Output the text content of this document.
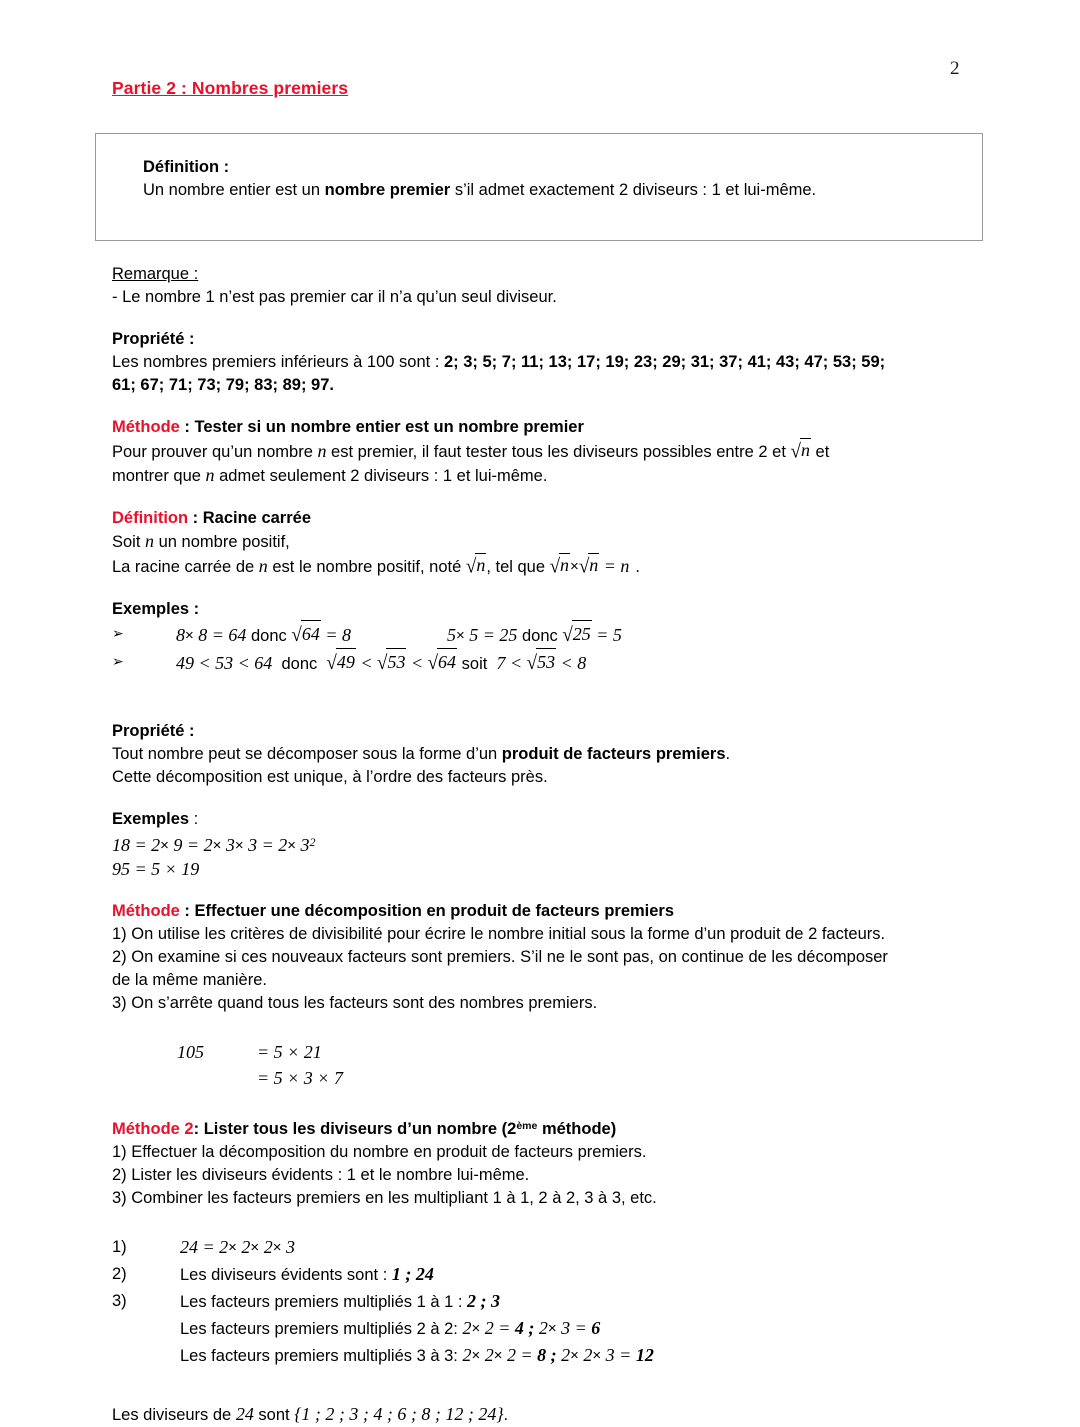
2
Partie 2 : Nombres premiers
Définition :
Un nombre entier est un nombre premier s’il admet exactement 2 diviseurs : 1 et lui-même.
Remarque :
- Le nombre 1 n’est pas premier car il n’a qu’un seul diviseur.
Propriété :
Les nombres premiers inférieurs à 100 sont : 2; 3; 5; 7; 11; 13; 17; 19; 23; 29; 31; 37; 41; 43; 47; 53; 59;
61; 67; 71; 73; 79; 83; 89; 97.
Méthode : Tester si un nombre entier est un nombre premier
Pour prouver qu’un nombre n est premier, il faut tester tous les diviseurs possibles entre 2 et √n et
montrer que n admet seulement 2 diviseurs : 1 et lui-même.
Définition : Racine carrée
Soit n un nombre positif,
La racine carrée de n est le nombre positif, noté √n, tel que √n×√n = n .
Exemples :
➢	8× 8 = 64 donc √64 = 8	5× 5 = 25 donc √25 = 5
➢	49 < 53 < 64 donc √49 < √53 < √64 soit 7 < √53 < 8
Propriété :
Tout nombre peut se décomposer sous la forme d’un produit de facteurs premiers.
Cette décomposition est unique, à l’ordre des facteurs près.
Exemples :
$18 = 2\times 9 = 2\times 3\times 3 = 2\times 3^2$
95 = 5 × 19
Méthode : Effectuer une décomposition en produit de facteurs premiers
1) On utilise les critères de divisibilité pour écrire le nombre initial sous la forme d’un produit de 2 facteurs.
2) On examine si ces nouveaux facteurs sont premiers. S’il ne le sont pas, on continue de les décomposer
de la même manière.
3) On s’arrête quand tous les facteurs sont des nombres premiers.
105	= 5 × 21
= 5 × 3 × 7
Méthode 2: Lister tous les diviseurs d’un nombre (2ème méthode)
1) Effectuer la décomposition du nombre en produit de facteurs premiers.
2) Lister les diviseurs évidents : 1 et le nombre lui-même.
3) Combiner les facteurs premiers en les multipliant 1 à 1, 2 à 2, 3 à 3, etc.
1)	24 = 2× 2× 2× 3
2)	Les diviseurs évidents sont : 1 ; 24
3)	Les facteurs premiers multipliés 1 à 1 : 2 ; 3
Les facteurs premiers multipliés 2 à 2: 2× 2 = 4 ; 2× 3 = 6
Les facteurs premiers multipliés 3 à 3: 2× 2× 2 = 8 ; 2× 2× 3 = 12
Les diviseurs de 24 sont {1 ; 2 ; 3 ; 4 ; 6 ; 8 ; 12 ; 24}.
